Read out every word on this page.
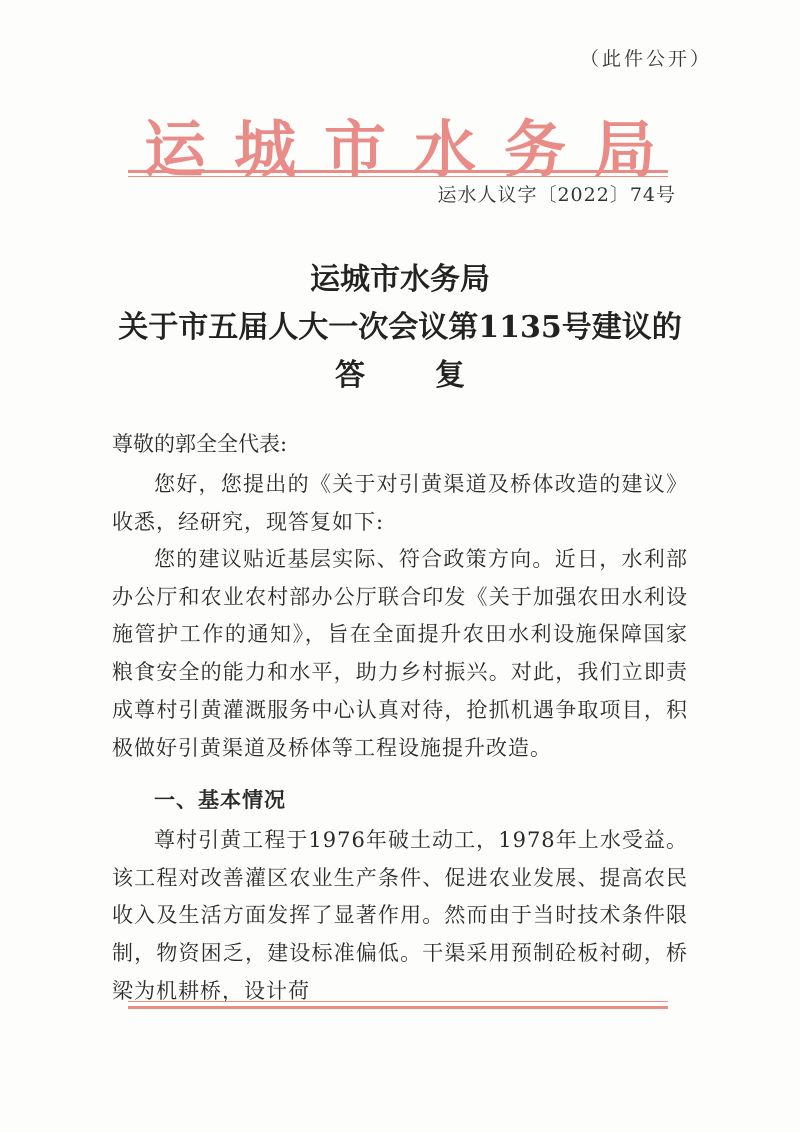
（此件公开）
运城市水务局
运水人议字〔2022〕74号
运城市水务局
关于市五届人大一次会议第1135号建议的
答复
尊敬的郭全全代表:
您好，您提出的《关于对引黄渠道及桥体改造的建议》收悉，经研究，现答复如下:
您的建议贴近基层实际、符合政策方向。近日，水利部办公厅和农业农村部办公厅联合印发《关于加强农田水利设施管护工作的通知》，旨在全面提升农田水利设施保障国家粮食安全的能力和水平，助力乡村振兴。对此，我们立即责成尊村引黄灌溉服务中心认真对待，抢抓机遇争取项目，积极做好引黄渠道及桥体等工程设施提升改造。
一、基本情况
尊村引黄工程于1976年破土动工，1978年上水受益。该工程对改善灌区农业生产条件、促进农业发展、提高农民收入及生活方面发挥了显著作用。然而由于当时技术条件限制，物资困乏，建设标准偏低。干渠采用预制砼板衬砌，桥梁为机耕桥，设计荷
